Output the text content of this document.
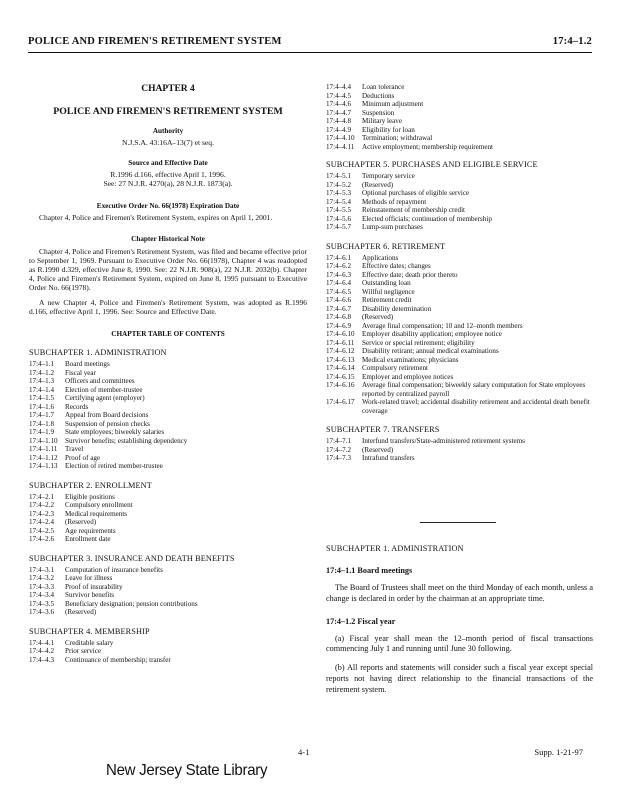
POLICE AND FIREMEN'S RETIREMENT SYSTEM	17:4–1.2
CHAPTER 4
POLICE AND FIREMEN'S RETIREMENT SYSTEM
Authority
N.J.S.A. 43:16A–13(7) et seq.
Source and Effective Date
R.1996 d.166, effective April 1, 1996.
See: 27 N.J.R. 4270(a), 28 N.J.R. 1873(a).
Executive Order No. 66(1978) Expiration Date
Chapter 4, Police and Firemen's Retirement System, expires on April 1, 2001.
Chapter Historical Note
Chapter 4, Police and Firemen's Retirement System, was filed and became effective prior to September 1, 1969. Pursuant to Executive Order No. 66(1978), Chapter 4 was readopted as R.1990 d.329, effective June 8, 1990. See: 22 N.J.R. 908(a), 22 N.J.R. 2032(b). Chapter 4, Police and Firemen's Retirement System, expired on June 8, 1995 pursuant to Executive Order No. 66(1978).
A new Chapter 4, Police and Firemen's Retirement System, was adopted as R.1996 d.166, effective April 1, 1996. See: Source and Effective Date.
CHAPTER TABLE OF CONTENTS
SUBCHAPTER 1. ADMINISTRATION
17:4–1.1	Board meetings
17:4–1.2	Fiscal year
17:4–1.3	Officers and committees
17:4–1.4	Election of member-trustee
17:4–1.5	Certifying agent (employer)
17:4–1.6	Records
17:4–1.7	Appeal from Board decisions
17:4–1.8	Suspension of pension checks
17:4–1.9	State employees; biweekly salaries
17:4–1.10	Survivor benefits; establishing dependency
17:4–1.11	Travel
17:4–1.12	Proof of age
17:4–1.13	Election of retired member-trustee
SUBCHAPTER 2. ENROLLMENT
17:4–2.1	Eligible positions
17:4–2.2	Compulsory enrollment
17:4–2.3	Medical requirements
17:4–2.4	(Reserved)
17:4–2.5	Age requirements
17:4–2.6	Enrollment date
SUBCHAPTER 3. INSURANCE AND DEATH BENEFITS
17:4–3.1	Computation of insurance benefits
17:4–3.2	Leave for illness
17:4–3.3	Proof of insurability
17:4–3.4	Survivor benefits
17:4–3.5	Beneficiary designation; pension contributions
17:4–3.6	(Reserved)
SUBCHAPTER 4. MEMBERSHIP
17:4–4.1	Creditable salary
17:4–4.2	Prior service
17:4–4.3	Continuance of membership; transfer
17:4–4.4	Loan tolerance
17:4–4.5	Deductions
17:4–4.6	Minimum adjustment
17:4–4.7	Suspension
17:4–4.8	Military leave
17:4–4.9	Eligibility for loan
17:4–4.10	Termination; withdrawal
17:4–4.11	Active employment; membership requirement
SUBCHAPTER 5. PURCHASES AND ELIGIBLE SERVICE
17:4–5.1	Temporary service
17:4–5.2	(Reserved)
17:4–5.3	Optional purchases of eligible service
17:4–5.4	Methods of repayment
17:4–5.5	Reinstatement of membership credit
17:4–5.6	Elected officials; continuation of membership
17:4–5.7	Lump-sum purchases
SUBCHAPTER 6. RETIREMENT
17:4–6.1	Applications
17:4–6.2	Effective dates; changes
17:4–6.3	Effective date; death prior thereto
17:4–6.4	Outstanding loan
17:4–6.5	Willful negligence
17:4–6.6	Retirement credit
17:4–6.7	Disability determination
17:4–6.8	(Reserved)
17:4–6.9	Average final compensation; 10 and 12–month members
17:4–6.10	Employer disability application; employee notice
17:4–6.11	Service or special retirement; eligibility
17:4–6.12	Disability retirant; annual medical examinations
17:4–6.13	Medical examinations; physicians
17:4–6.14	Compulsory retirement
17:4–6.15	Employer and employee notices
17:4–6.16	Average final compensation; biweekly salary computation for State employees reported by centralized payroll
17:4–6.17	Work-related travel; accidental disability retirement and accidental death benefit coverage
SUBCHAPTER 7. TRANSFERS
17:4–7.1	Interfund transfers/State-administered retirement systems
17:4–7.2	(Reserved)
17:4–7.3	Intrafund transfers
SUBCHAPTER 1. ADMINISTRATION
17:4–1.1 Board meetings
The Board of Trustees shall meet on the third Monday of each month, unless a change is declared in order by the chairman at an appropriate time.
17:4–1.2 Fiscal year
(a) Fiscal year shall mean the 12–month period of fiscal transactions commencing July 1 and running until June 30 following.
(b) All reports and statements will consider such a fiscal year except special reports not having direct relationship to the financial transactions of the retirement system.
4-1	Supp. 1-21-97
New Jersey State Library
